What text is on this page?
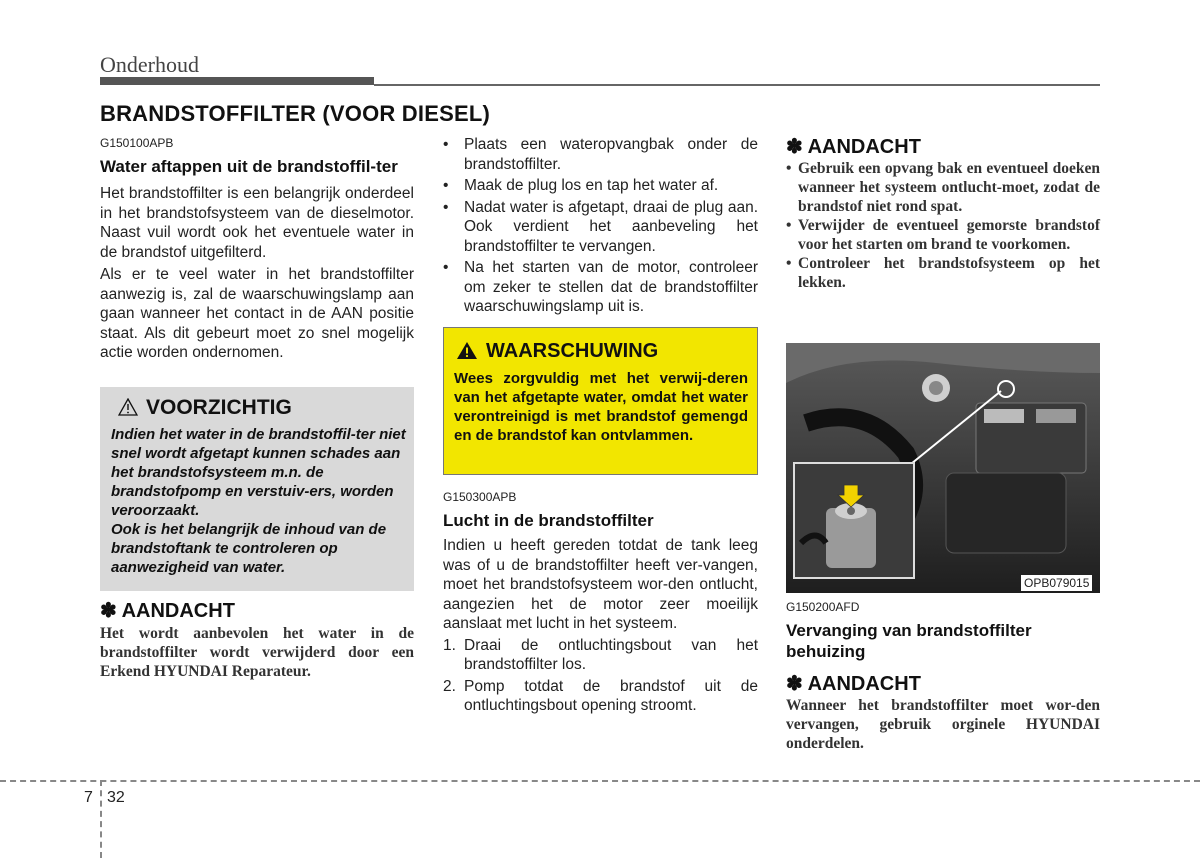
Onderhoud
BRANDSTOFFILTER (VOOR DIESEL)
G150100APB
Water aftappen uit de brandstoffil-ter
Het brandstoffilter is een belangrijk onderdeel in het brandstofsysteem van de dieselmotor. Naast vuil wordt ook het eventuele water in de brandstof uitgefilterd.
Als er te veel water in het brandstoffilter aanwezig is, zal de waarschuwingslamp aan gaan wanneer het contact in de AAN positie staat. Als dit gebeurt moet zo snel mogelijk actie worden ondernomen.
VOORZICHTIG
Indien het water in de brandstoffil-ter niet snel wordt afgetapt kunnen schades aan het brandstofsysteem m.n. de brandstofpomp en verstuiv-ers, worden veroorzaakt.
Ook is het belangrijk de inhoud van de brandstoftank te controleren op aanwezigheid van water.
✽ AANDACHT
Het wordt aanbevolen het water in de brandstoffilter wordt verwijderd door een Erkend HYUNDAI Reparateur.
• Plaats een wateropvangbak onder de brandstoffilter.
• Maak de plug los en tap het water af.
• Nadat water is afgetapt, draai de plug aan. Ook verdient het aanbeveling het brandstoffilter te vervangen.
• Na het starten van de motor, controleer om zeker te stellen dat de brandstoffilter waarschuwingslamp uit is.
WAARSCHUWING
Wees zorgvuldig met het verwij-deren van het afgetapte water, omdat het water verontreinigd is met brandstof gemengd en de brandstof kan ontvlammen.
G150300APB
Lucht in de brandstoffilter
Indien u heeft gereden totdat de tank leeg was of u de brandstoffilter heeft ver-vangen, moet het brandstofsysteem wor-den ontlucht, aangezien het de motor zeer moeilijk aanslaat met lucht in het systeem.
1. Draai de ontluchtingsbout van het brandstoffilter los.
2. Pomp totdat de brandstof uit de ontluchtingsbout opening stroomt.
✽ AANDACHT
• Gebruik een opvang bak en eventueel doeken wanneer het systeem ontlucht-moet, zodat de brandstof niet rond spat.
• Verwijder de eventueel gemorste brandstof voor het starten om brand te voorkomen.
• Controleer het brandstofsysteem op het lekken.
OPB079015
G150200AFD
Vervanging van brandstoffilter behuizing
✽ AANDACHT
Wanneer het brandstoffilter moet wor-den vervangen, gebruik orginele HYUNDAI onderdelen.
7 32
